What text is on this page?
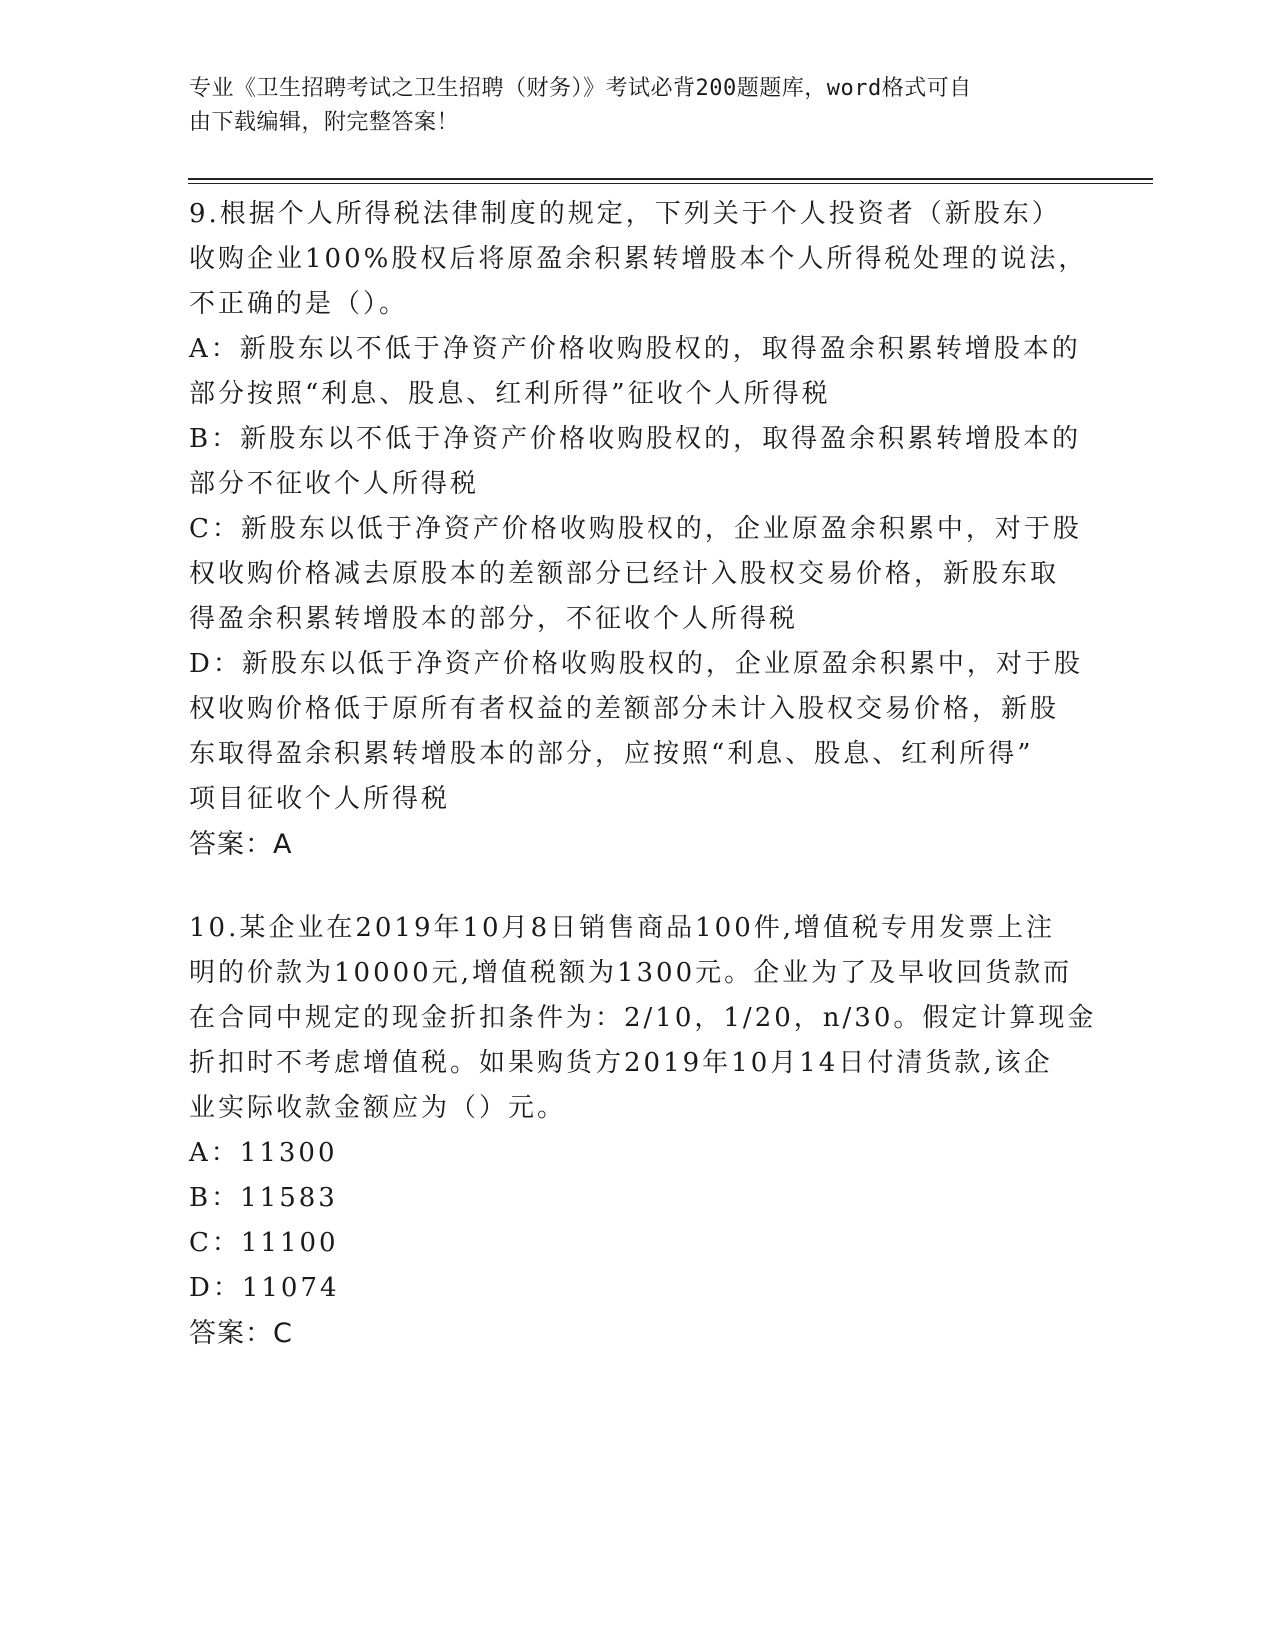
专业《卫生招聘考试之卫生招聘（财务）》考试必背200题题库，word格式可自
由下载编辑，附完整答案！
9.根据个人所得税法律制度的规定，下列关于个人投资者（新股东）
收购企业100%股权后将原盈余积累转增股本个人所得税处理的说法，
不正确的是（）。
A：新股东以不低于净资产价格收购股权的，取得盈余积累转增股本的
部分按照“利息、股息、红利所得”征收个人所得税
B：新股东以不低于净资产价格收购股权的，取得盈余积累转增股本的
部分不征收个人所得税
C：新股东以低于净资产价格收购股权的，企业原盈余积累中，对于股
权收购价格减去原股本的差额部分已经计入股权交易价格，新股东取
得盈余积累转增股本的部分，不征收个人所得税
D：新股东以低于净资产价格收购股权的，企业原盈余积累中，对于股
权收购价格低于原所有者权益的差额部分未计入股权交易价格，新股
东取得盈余积累转增股本的部分，应按照“利息、股息、红利所得”
项目征收个人所得税
答案：A
10.某企业在2019年10月8日销售商品100件,增值税专用发票上注
明的价款为10000元,增值税额为1300元。企业为了及早收回货款而
在合同中规定的现金折扣条件为：2/10，1/20，n/30。假定计算现金
折扣时不考虑增值税。如果购货方2019年10月14日付清货款,该企
业实际收款金额应为（）元。
A：11300
B：11583
C：11100
D：11074
答案：C
